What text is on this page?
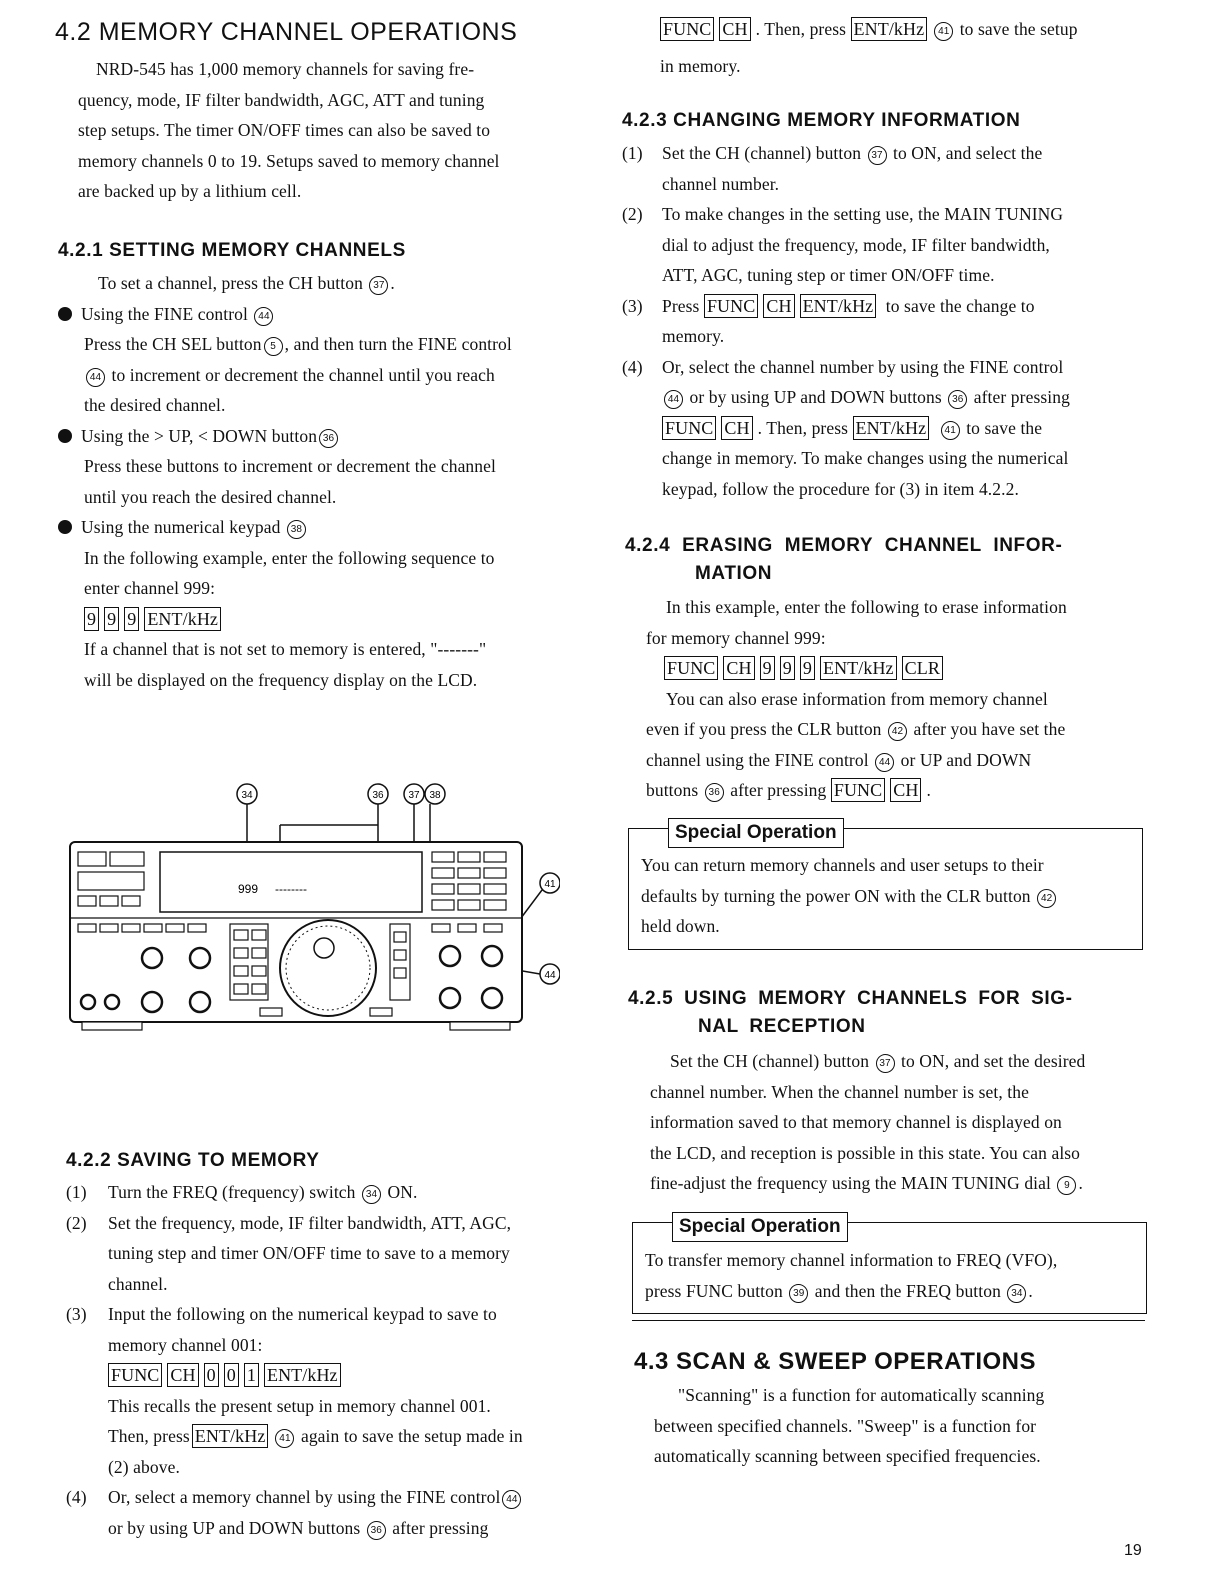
4.2 MEMORY CHANNEL OPERATIONS
NRD-545 has 1,000 memory channels for saving fre-
quency, mode, IF filter bandwidth, AGC, ATT and tuning
step setups. The timer ON/OFF times can also be saved to
memory channels 0 to 19. Setups saved to memory channel
are backed up by a lithium cell.
4.2.1 SETTING MEMORY CHANNELS
To set a channel, press the CH button 37 .
Using the FINE control 44
Press the CH SEL button 5 , and then turn the FINE control
44 to increment or decrement the channel until you reach
the desired channel.
Using the > UP, < DOWN button 36
Press these buttons to increment or decrement the channel
until you reach the desired channel.
Using the numerical keypad 38
In the following example, enter the following sequence to
enter channel 999:
9 9 9 ENT/kHz
If a channel that is not set to memory is entered, "-------"
will be displayed on the frequency display on the LCD.
34	36 37 38
41
44
999 --------
4.2.2 SAVING TO MEMORY
(1) Turn the FREQ (frequency) switch 34 ON.
(2) Set the frequency, mode, IF filter bandwidth, ATT, AGC,
tuning step and timer ON/OFF time to save to a memory
channel.
(3) Input the following on the numerical keypad to save to
memory channel 001:
FUNC CH 0 0 1 ENT/kHz
This recalls the present setup in memory channel 001.
Then, press ENT/kHz 41 again to save the setup made in
(2) above.
(4) Or, select a memory channel by using the FINE control 44
or by using UP and DOWN buttons 36 after pressing
FUNC CH . Then, press ENT/kHz 41 to save the setup
in memory.
4.2.3 CHANGING MEMORY INFORMATION
(1) Set the CH (channel) button 37 to ON, and select the
channel number.
(2) To make changes in the setting use, the MAIN TUNING
dial to adjust the frequency, mode, IF filter bandwidth,
ATT, AGC, tuning step or timer ON/OFF time.
(3) Press FUNC CH ENT/kHz to save the change to
memory.
(4) Or, select the channel number by using the FINE control
44 or by using UP and DOWN buttons 36 after pressing
FUNC CH . Then, press ENT/kHz 41 to save the
change in memory. To make changes using the numerical
keypad, follow the procedure for (3) in item 4.2.2.
4.2.4 ERASING MEMORY CHANNEL INFOR-
MATION
In this example, enter the following to erase information
for memory channel 999:
FUNC CH 9 9 9 ENT/kHz CLR
You can also erase information from memory channel
even if you press the CLR button 42 after you have set the
channel using the FINE control 44 or UP and DOWN
buttons 36 after pressing FUNC CH .
Special Operation
You can return memory channels and user setups to their
defaults by turning the power ON with the CLR button 42
held down.
4.2.5 USING MEMORY CHANNELS FOR SIG-
NAL RECEPTION
Set the CH (channel) button 37 to ON, and set the desired
channel number. When the channel number is set, the
information saved to that memory channel is displayed on
the LCD, and reception is possible in this state. You can also
fine-adjust the frequency using the MAIN TUNING dial 9 .
Special Operation
To transfer memory channel information to FREQ (VFO),
press FUNC button 39 and then the FREQ button 34 .
4.3 SCAN & SWEEP OPERATIONS
"Scanning" is a function for automatically scanning
between specified channels. "Sweep" is a function for
automatically scanning between specified frequencies.
19
